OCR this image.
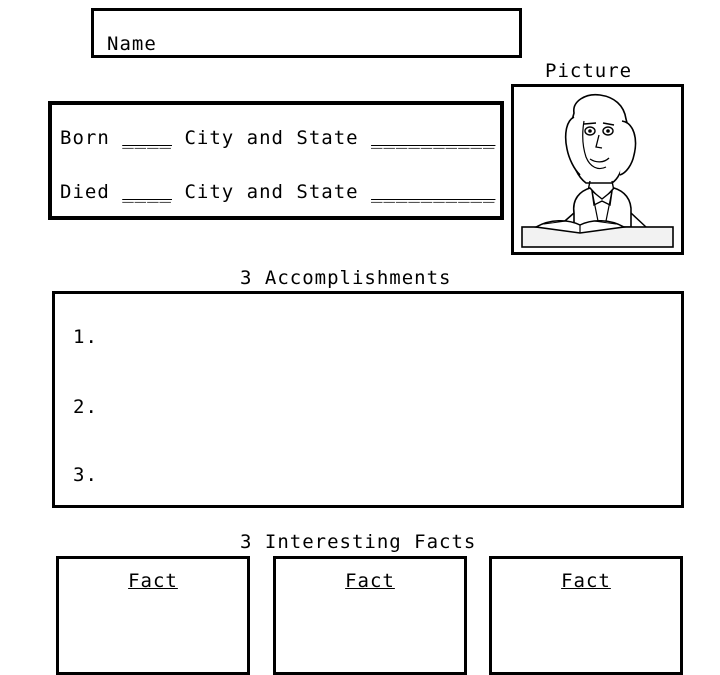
Name
Picture
Born ____ City and State __________
Died ____ City and State __________
3 Accomplishments
1.
2.
3.
3 Interesting Facts
Fact	Fact	Fact
